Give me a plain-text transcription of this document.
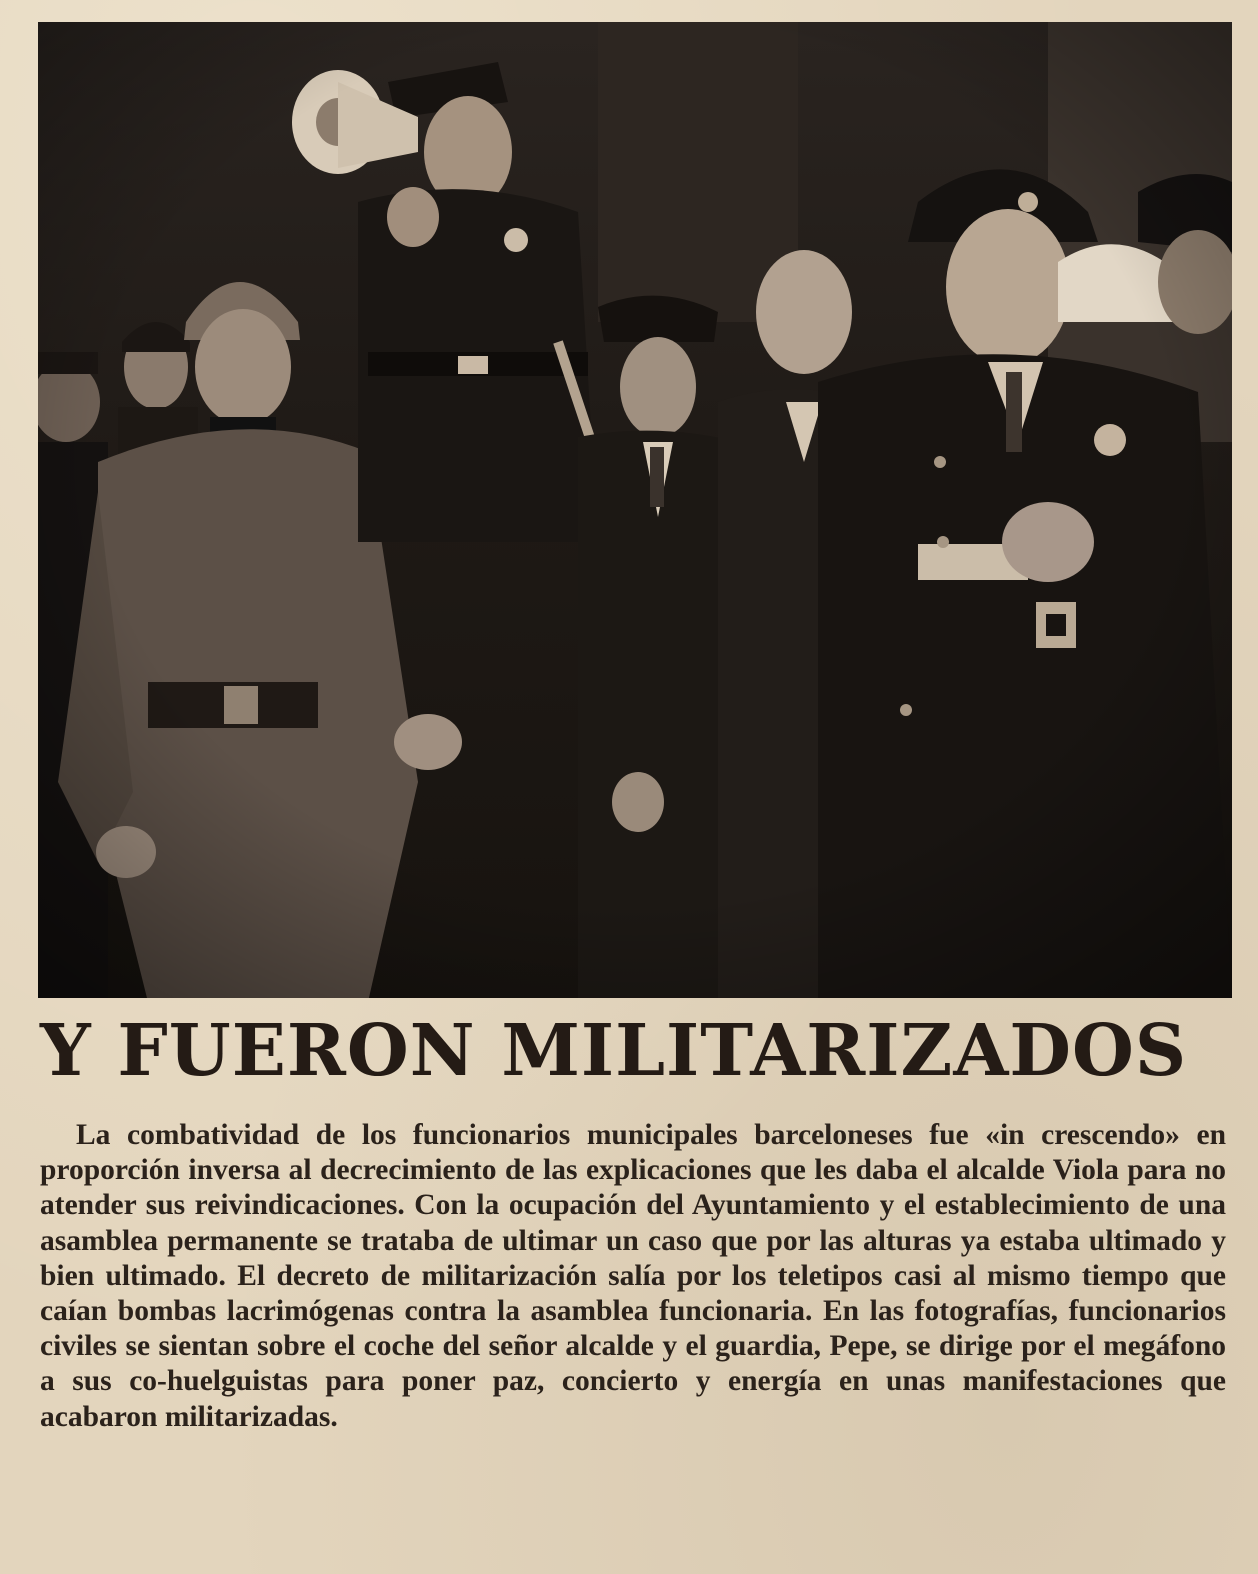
Y FUERON MILITARIZADOS

La combatividad de los funcionarios municipales barceloneses fue «in crescendo» en proporción inversa al decrecimiento de las explicaciones que les daba el alcalde Viola para no atender sus reivindicaciones. Con la ocupación del Ayuntamiento y el establecimiento de una asamblea permanente se trataba de ultimar un caso que por las alturas ya estaba ultimado y bien ultimado. El decreto de militarización salía por los teletipos casi al mismo tiempo que caían bombas lacrimógenas contra la asamblea funcionaria. En las fotografías, funcionarios civiles se sientan sobre el coche del señor alcalde y el guardia, Pepe, se dirige por el megáfono a sus co-huelguistas para poner paz, concierto y energía en unas manifestaciones que acabaron militarizadas.
